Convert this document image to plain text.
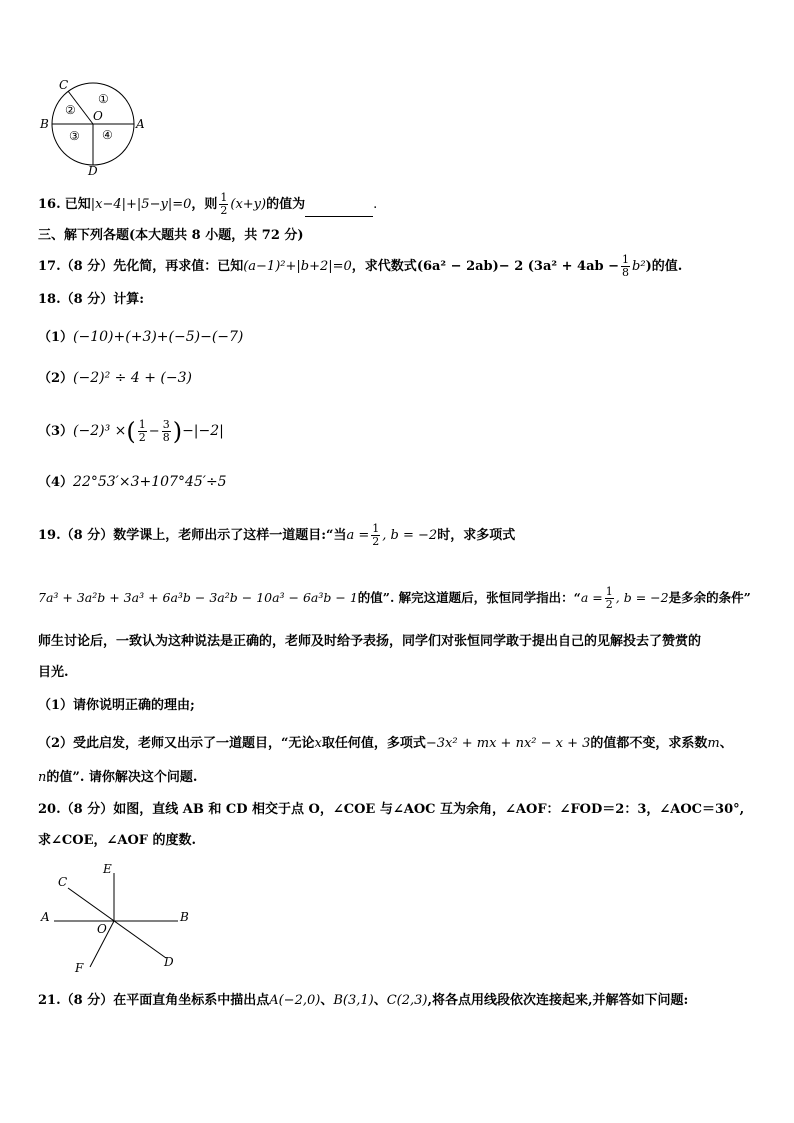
C
B
O
A
D
①
②
③ ④
16. 已知|x−4|+|5−y|=0，则 $\frac{1}{2} (x+y)$的值为	.
三、解下列各题(本大题共 8 小题，共 72 分)
17.（8 分）先化简，再求值：已知(a−1)²+|b+2|=0，求代数式(6a² − 2ab)− 2 $(3a^2 + 4ab - \frac{1}{8} b^2)$的值.
18.（8 分）计算:
（1）(−10)+(+3)+(−5)−(−7)
（2）(−2)² ÷ 4 + (−3)
（3）(−2)³ ×( $\frac{1}{2} - \frac{3}{8} )-|-2|$
（4）22°53′×3+107°45′÷5
19.（8 分）数学课上，老师出示了这样一道题目:“当$a = \frac{1}{2}$ , b = −2时，求多项式
7a³ + 3a²b + 3a³ + 6a³b − 3a²b − 10a³ − 6a³b − 1的值”. 解完这道题后，张恒同学指出：“$a = \frac{1}{2}$ , b = −2是多余的条件”
师生讨论后，一致认为这种说法是正确的，老师及时给予表扬，同学们对张恒同学敢于提出自己的见解投去了赞赏的
目光.
（1）请你说明正确的理由;
（2）受此启发，老师又出示了一道题目，“无论x取任何值，多项式−3x² + mx + nx² − x + 3的值都不变，求系数m、
n的值”. 请你解决这个问题.
20.（8 分）如图，直线 AB 和 CD 相交于点 O，∠COE 与∠AOC 互为余角，∠AOF：∠FOD＝2：3，∠AOC＝30°,
求∠COE，∠AOF 的度数.
C
E
A	B
O
F	D
21.（8 分）在平面直角坐标系中描出点A(−2,0)、B(3,1)、C(2,3),将各点用线段依次连接起来,并解答如下问题:
